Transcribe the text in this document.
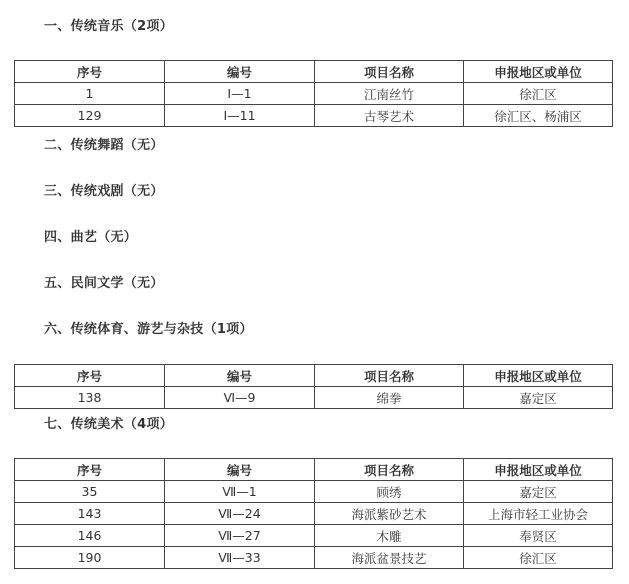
一、传统音乐（2项）
序号	编号	项目名称	申报地区或单位
1	Ⅰ—1	江南丝竹	徐汇区
129	Ⅰ—11	古琴艺术	徐汇区、杨浦区
二、传统舞蹈（无）
三、传统戏剧（无）
四、曲艺（无）
五、民间文学（无）
六、传统体育、游艺与杂技（1项）
序号	编号	项目名称	申报地区或单位
138	Ⅵ—9	绵拳	嘉定区
七、传统美术（4项）
序号	编号	项目名称	申报地区或单位
35	Ⅶ—1	顾绣	嘉定区
143	Ⅶ—24	海派紫砂艺术	上海市轻工业协会
146	Ⅶ—27	木雕	奉贤区
190	Ⅶ—33	海派盆景技艺	徐汇区
